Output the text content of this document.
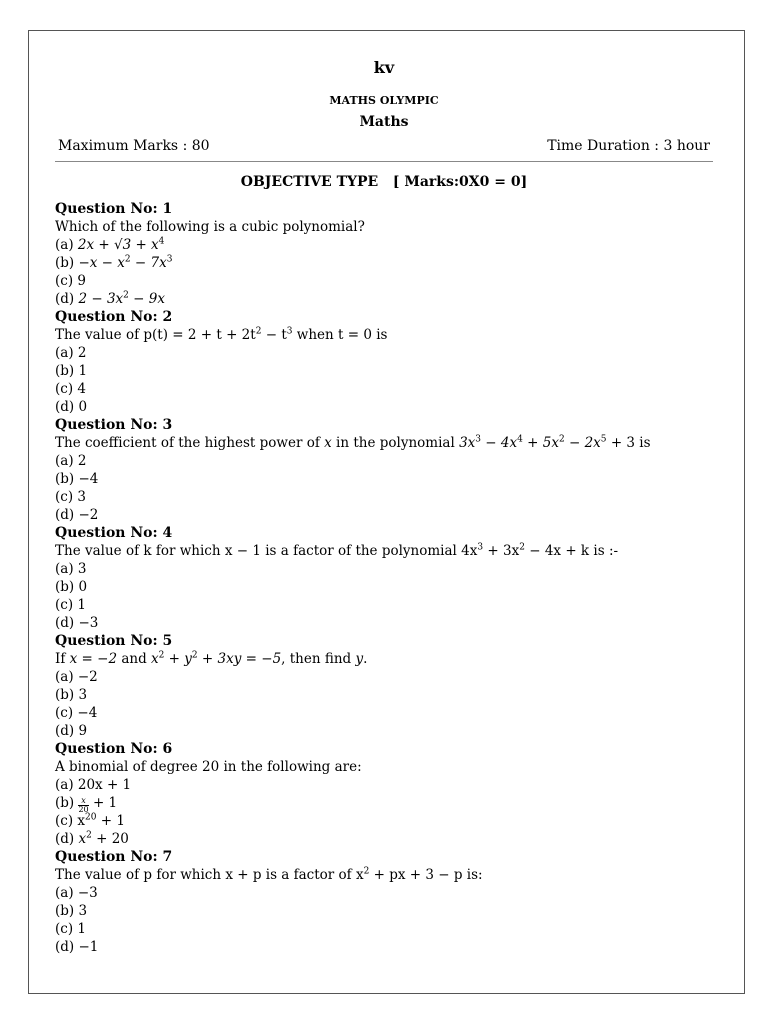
kv
MATHS OLYMPIC
Maths
Maximum Marks : 80	Time Duration : 3 hour
OBJECTIVE TYPE   [ Marks:0X0 = 0]
Question No: 1
Which of the following is a cubic polynomial?
(a) $2x + √3 + x^4$
$(b) -x - x^2 - 7x^3$
(c) 9
(d) $2 - 3x^2 - 9x$
Question No: 2
The value of $p(t) = 2 + t + 2t^2 - t^3$ when t = 0 is
(a) 2
(b) 1
(c) 4
(d) 0
Question No: 3
The coefficient of the highest power of x in the polynomial $3x^3 - 4x^4 + 5x^2 - 2x^5 + 3$ is
(a) 2
(b) −4
(c) 3
(d) −2
Question No: 4
The value of k for which x − 1 is a factor of the polynomial $4x^3 + 3x^2 - 4x + k$ is :-
(a) 3
(b) 0
(c) 1
(d) −3
Question No: 5
If x = −2 and $x^2 + y^2 + 3xy = -5$, then find y.
(a) −2
(b) 3
(c) −4
(d) 9
Question No: 6
A binomial of degree 20 in the following are:
(a) 20x + 1
$(b) \frac{x}{20} + 1$
(c) $x^{20} + 1$
(d) $x^2 + 20$
Question No: 7
The value of p for which x + p is a factor of $x^2$ + px + 3 − p is:
(a) −3
(b) 3
(c) 1
(d) −1
